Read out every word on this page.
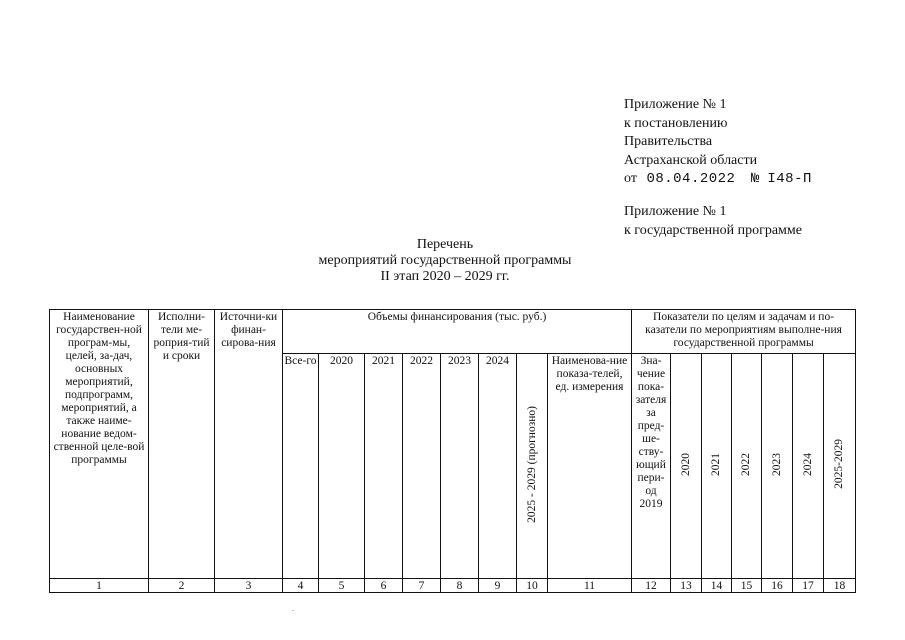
Приложение № 1
к постановлению
Правительства
Астраханской области
от 08.04.2022 № I48-П
Приложение № 1
к государственной программе
Перечень
мероприятий государственной программы
II этап 2020 – 2029 гг.
Наименование государствен-ной програм-мы, целей, за-дач, основных мероприятий, подпрограмм, мероприятий, а также наиме-нование ведом-ственной целе-вой программы	Исполни-тели ме-роприя-тий и сроки	Источни-ки финан-сирова-ния	Объемы финансирования (тыс. руб.)								Показатели по целям и задачам и по-казатели по мероприятиям выполне-ния государственной программы						
			Все-го	2020	2021	2022	2023	2024	2025 - 2029 (прогнозно)	Наименова-ние показа-телей, ед. измерения	Зна-чение пока-зателя за пред-ше-ству-ющий пери-од 2019	2020	2021	2022	2023	2024	2025-2029
1	2	3	4	5	6	7	8	9	10	11	12	13	14	15	16	17	18
